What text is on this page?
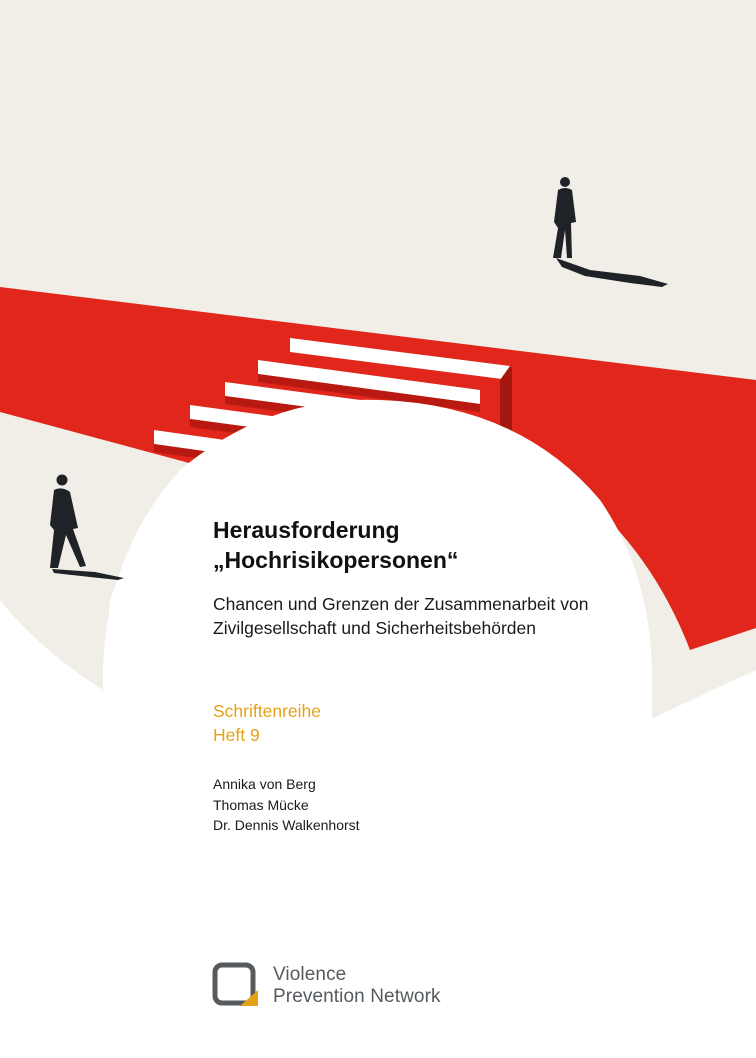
Herausforderung
„Hochrisikopersonen“
Chancen und Grenzen der Zusammenarbeit von
Zivilgesellschaft und Sicherheitsbehörden
Schriftenreihe
Heft 9
Annika von Berg
Thomas Mücke
Dr. Dennis Walkenhorst
Violence
Prevention Network
